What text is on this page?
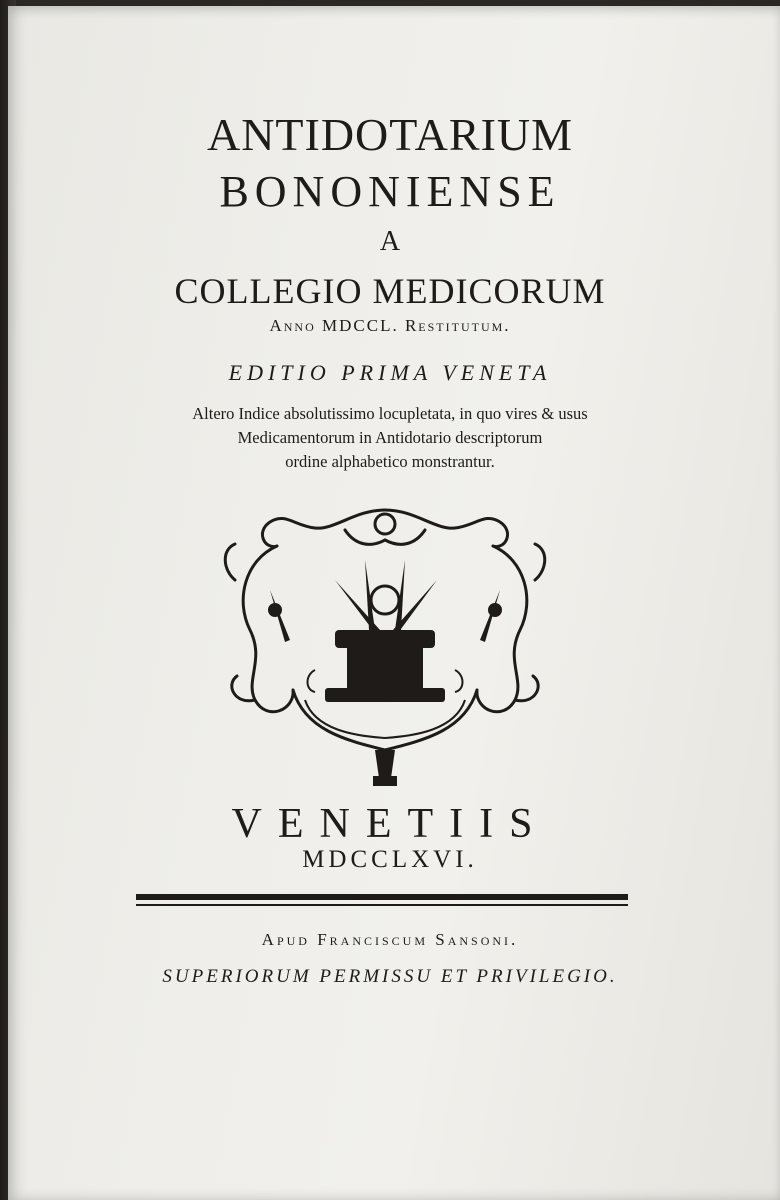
ANTIDOTARIUM
BONONIENSE
A
COLLEGIO MEDICORUM
Anno MDCCL. Restitutum.
EDITIO PRIMA VENETA
Altero Indice absolutissimo locupletata, in quo vires & usus
Medicamentorum in Antidotario descriptorum
ordine alphabetico monstrantur.
VENETIIS
MDCCLXVI.
Apud Franciscum Sansoni.
SUPERIORUM PERMISSU ET PRIVILEGIO.
